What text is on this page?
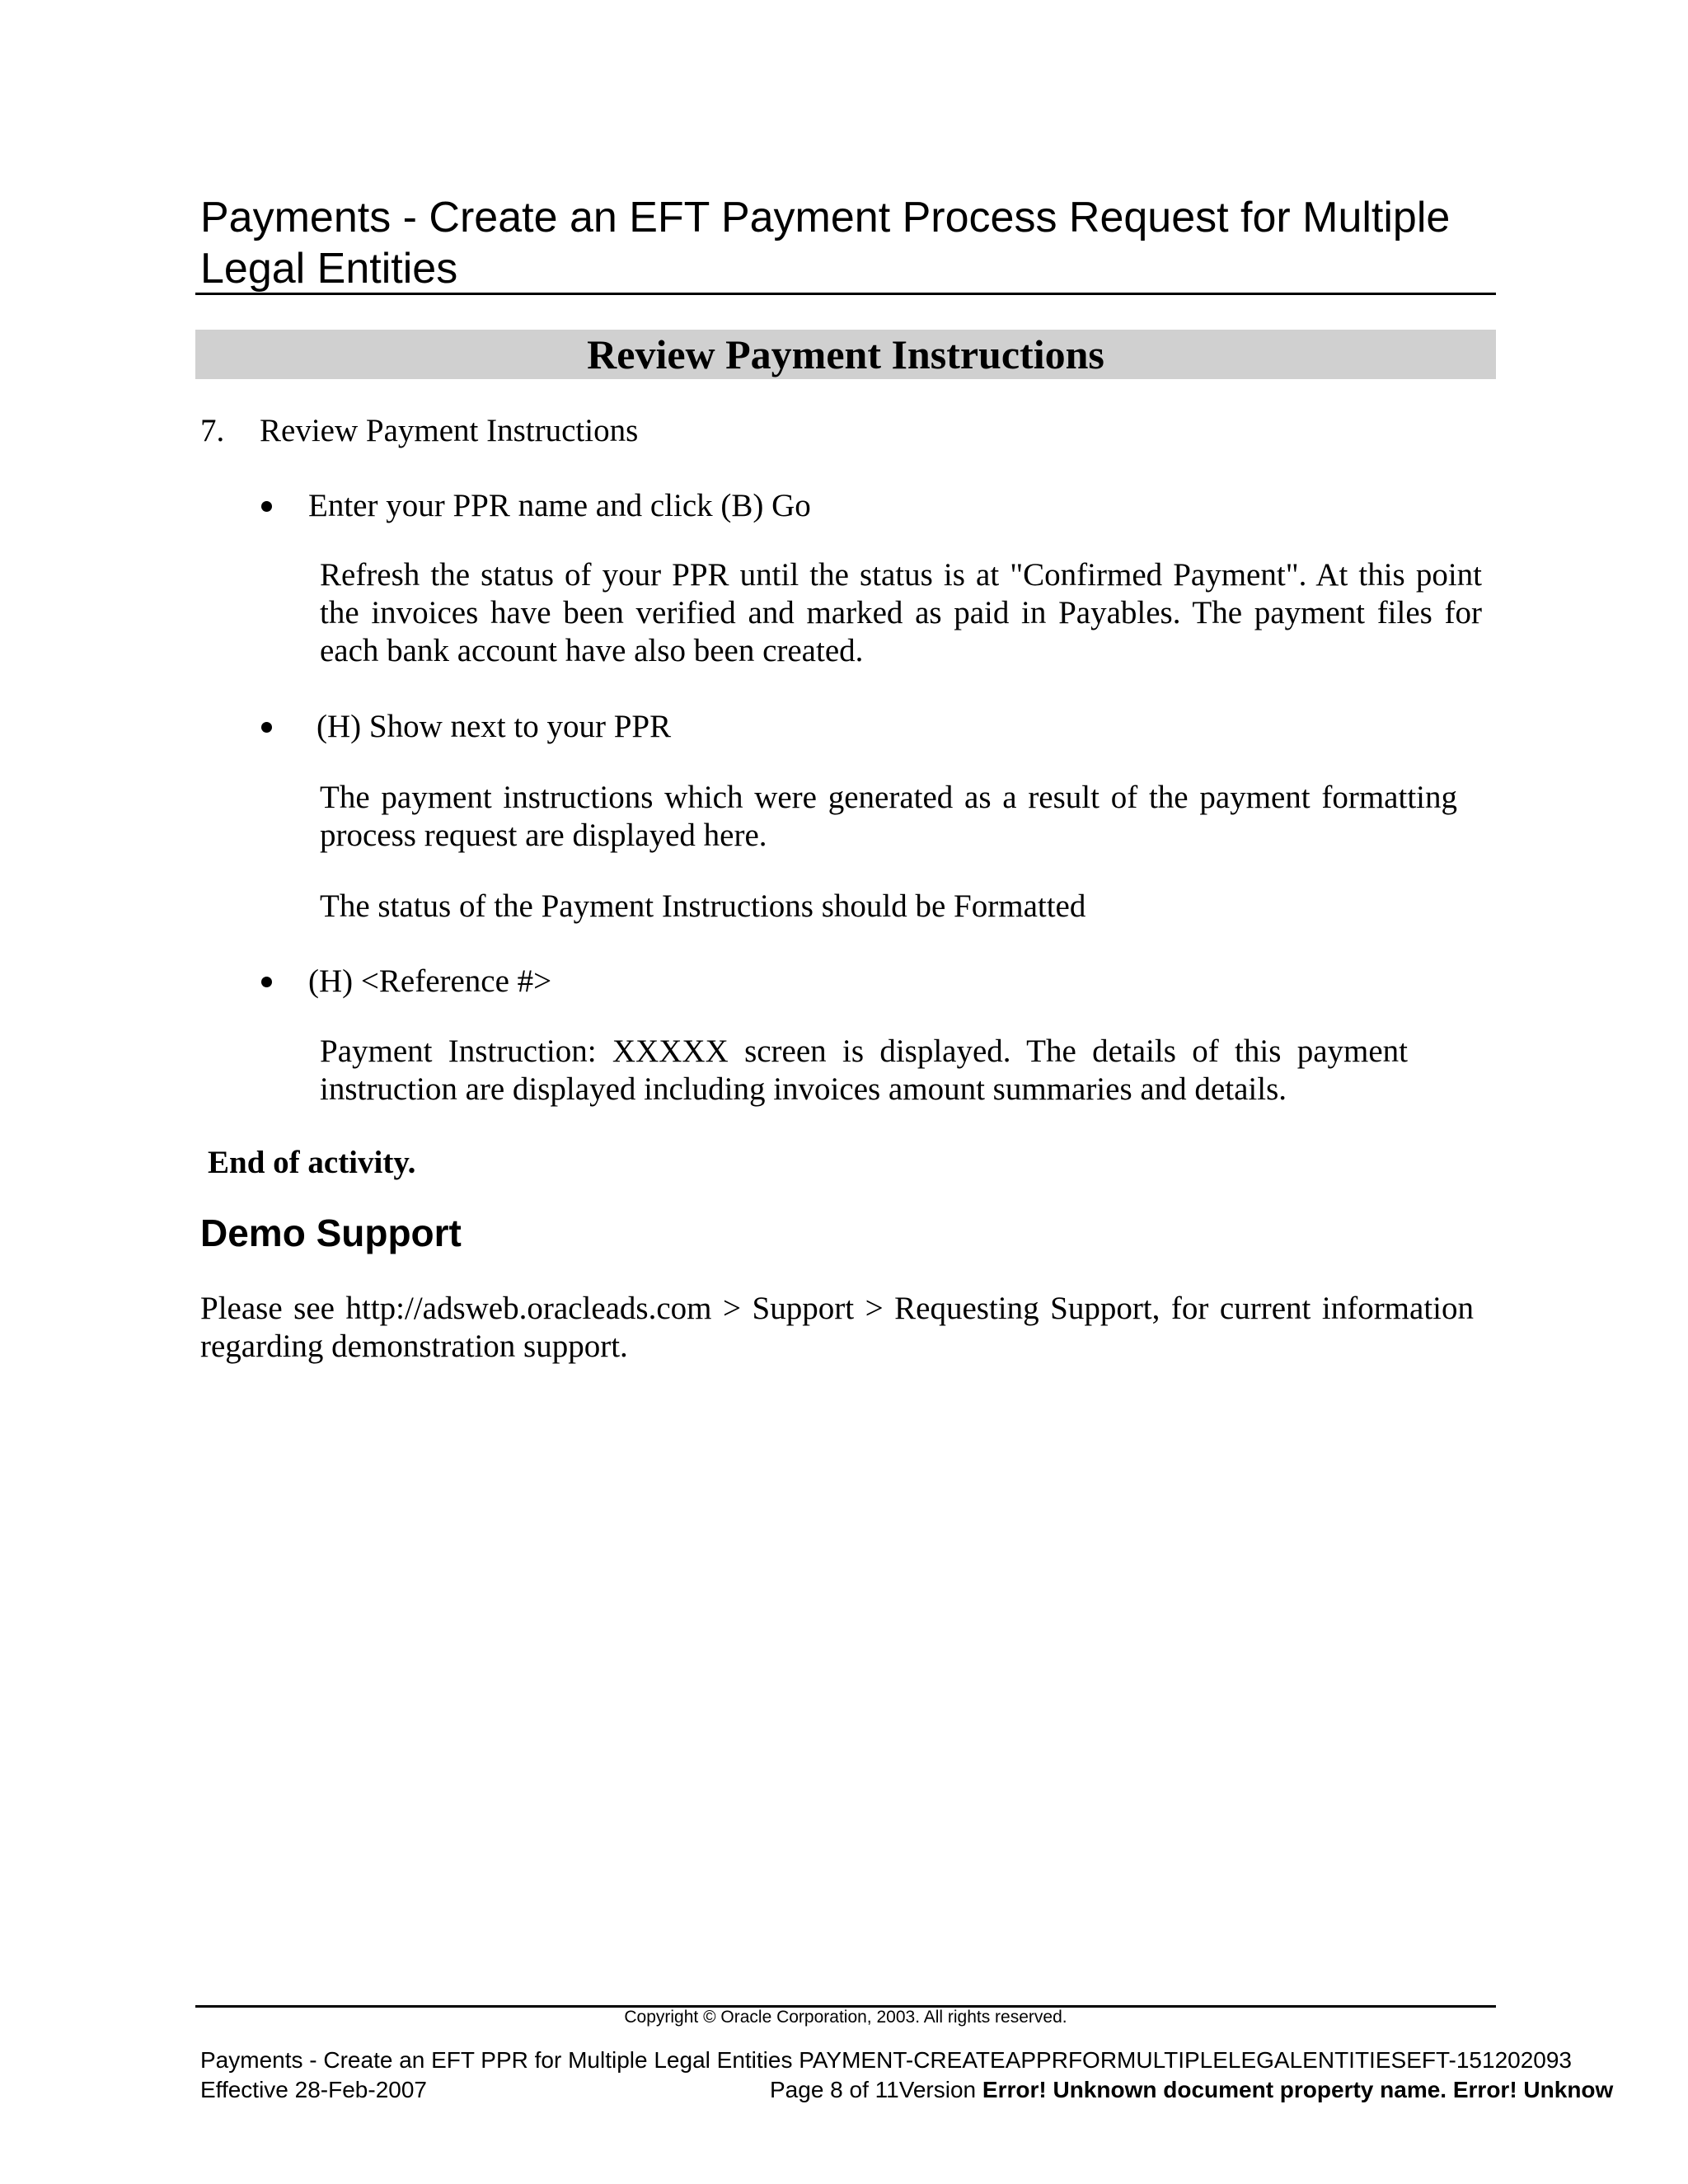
Payments - Create an EFT Payment Process Request for Multiple Legal Entities
Review Payment Instructions
7. Review Payment Instructions
Enter your PPR name and click (B) Go
Refresh the status of your PPR until the status is at "Confirmed Payment". At this point the invoices have been verified and marked as paid in Payables. The payment files for each bank account have also been created.
(H) Show next to your PPR
The payment instructions which were generated as a result of the payment formatting process request are displayed here.
The status of the Payment Instructions should be Formatted
(H) <Reference #>
Payment Instruction: XXXXX screen is displayed. The details of this payment instruction are displayed including invoices amount summaries and details.
End of activity.
Demo Support
Please see http://adsweb.oracleads.com > Support > Requesting Support, for current information regarding demonstration support.
Copyright © Oracle Corporation, 2003. All rights reserved.
Payments - Create an EFT PPR for Multiple Legal Entities PAYMENT-CREATEAPPRFORMULTIPLELEGALENTITIESEFT-151202093
Effective 28-Feb-2007	Page 8 of 11Version Error! Unknown document property name. Error! Unknow
